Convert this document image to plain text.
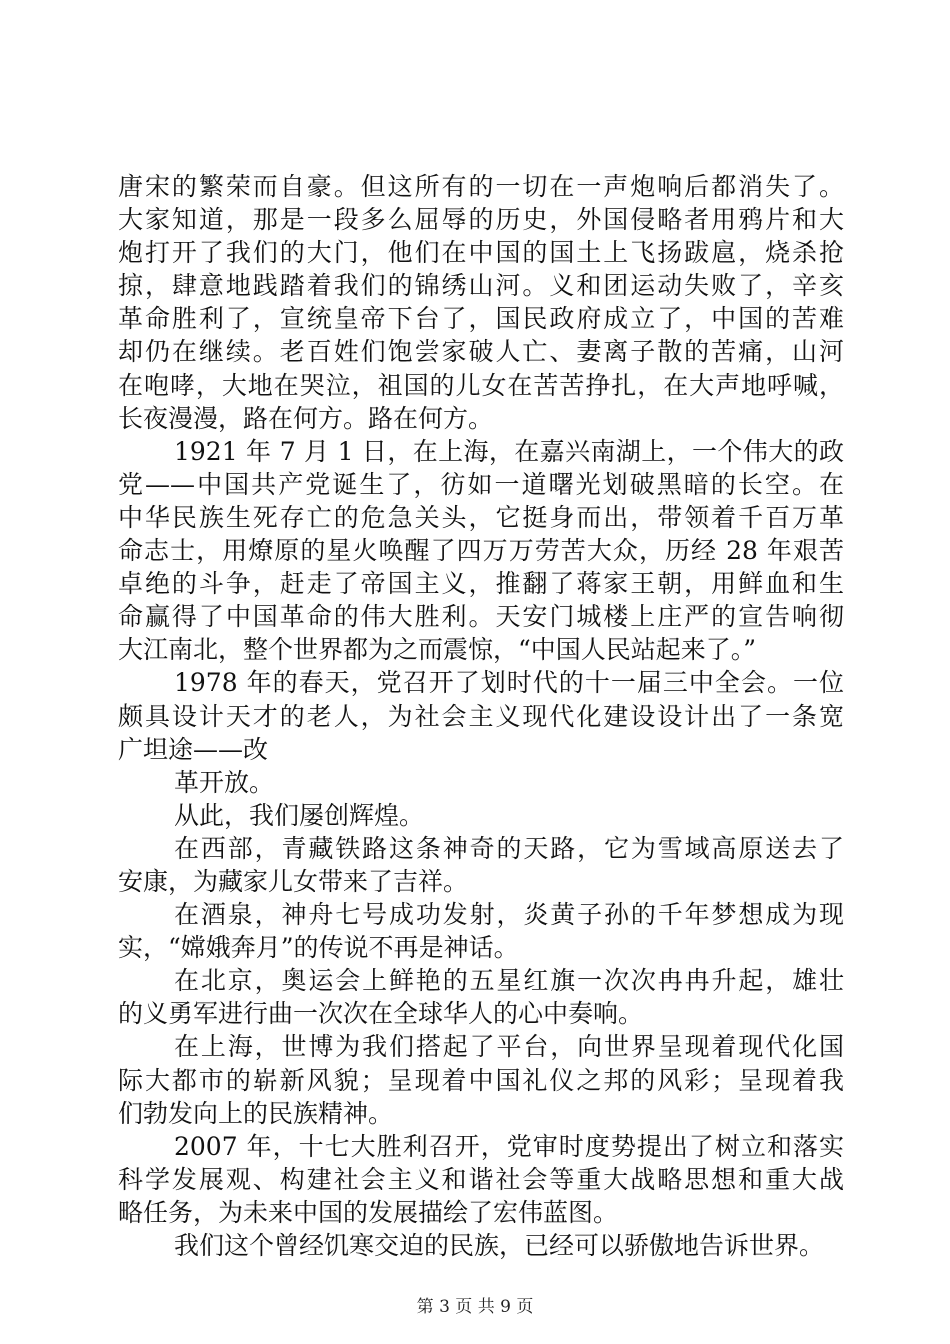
唐宋的繁荣而自豪。但这所有的一切在一声炮响后都消失了。
大家知道，那是一段多么屈辱的历史，外国侵略者用鸦片和大
炮打开了我们的大门，他们在中国的国土上飞扬跋扈，烧杀抢
掠，肆意地践踏着我们的锦绣山河。义和团运动失败了，辛亥
革命胜利了，宣统皇帝下台了，国民政府成立了，中国的苦难
却仍在继续。老百姓们饱尝家破人亡、妻离子散的苦痛，山河
在咆哮，大地在哭泣，祖国的儿女在苦苦挣扎，在大声地呼喊，
长夜漫漫，路在何方。路在何方。
1921 年 7 月 1 日，在上海，在嘉兴南湖上，一个伟大的政
党——中国共产党诞生了，彷如一道曙光划破黑暗的长空。在
中华民族生死存亡的危急关头，它挺身而出，带领着千百万革
命志士，用燎原的星火唤醒了四万万劳苦大众，历经 28 年艰苦
卓绝的斗争，赶走了帝国主义，推翻了蒋家王朝，用鲜血和生
命赢得了中国革命的伟大胜利。天安门城楼上庄严的宣告响彻
大江南北，整个世界都为之而震惊，“中国人民站起来了。”
1978 年的春天，党召开了划时代的十一届三中全会。一位
颇具设计天才的老人，为社会主义现代化建设设计出了一条宽
广坦途——改
革开放。
从此，我们屡创辉煌。
在西部，青藏铁路这条神奇的天路，它为雪域高原送去了
安康，为藏家儿女带来了吉祥。
在酒泉，神舟七号成功发射，炎黄子孙的千年梦想成为现
实，“嫦娥奔月”的传说不再是神话。
在北京，奥运会上鲜艳的五星红旗一次次冉冉升起，雄壮
的义勇军进行曲一次次在全球华人的心中奏响。
在上海，世博为我们搭起了平台，向世界呈现着现代化国
际大都市的崭新风貌；呈现着中国礼仪之邦的风彩；呈现着我
们勃发向上的民族精神。
2007 年，十七大胜利召开，党审时度势提出了树立和落实
科学发展观、构建社会主义和谐社会等重大战略思想和重大战
略任务，为未来中国的发展描绘了宏伟蓝图。
我们这个曾经饥寒交迫的民族，已经可以骄傲地告诉世界。
第 3 页 共 9 页
